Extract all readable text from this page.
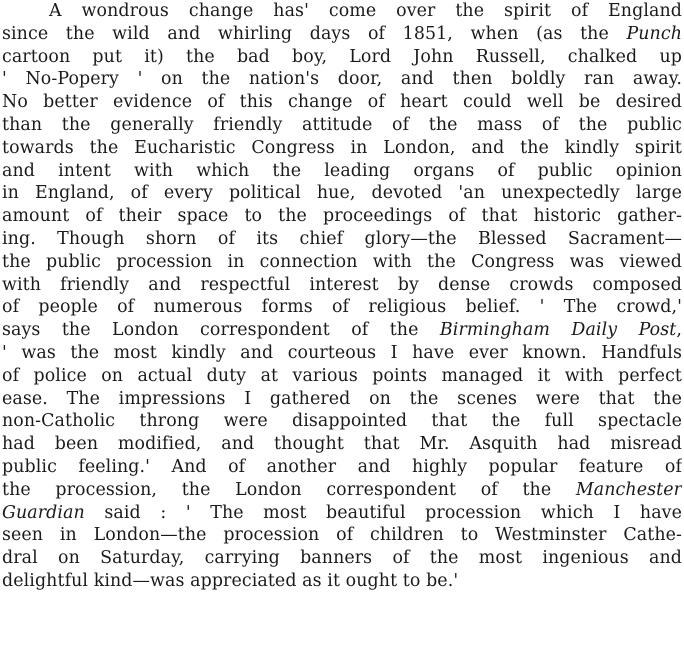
A wondrous change has' come over the spirit of England
since the wild and whirling days of 1851, when (as the Punch
cartoon put it) the bad boy, Lord John Russell, chalked up
' No-Popery ' on the nation's door, and then boldly ran away.
No better evidence of this change of heart could well be desired
than the generally friendly attitude of the mass of the public
towards the Eucharistic Congress in London, and the kindly spirit
and intent with which the leading organs of public opinion
in England, of every political hue, devoted 'an unexpectedly large
amount of their space to the proceedings of that historic gather-
ing. Though shorn of its chief glory—the Blessed Sacrament—
the public procession in connection with the Congress was viewed
with friendly and respectful interest by dense crowds composed
of people of numerous forms of religious belief. ' The crowd,'
says the London correspondent of the Birmingham Daily Post,
' was the most kindly and courteous I have ever known. Handfuls
of police on actual duty at various points managed it with perfect
ease. The impressions I gathered on the scenes were that the
non-Catholic throng were disappointed that the full spectacle
had been modified, and thought that Mr. Asquith had misread
public feeling.' And of another and highly popular feature of
the procession, the London correspondent of the Manchester
Guardian said : ' The most beautiful procession which I have
seen in London—the procession of children to Westminster Cathe-
dral on Saturday, carrying banners of the most ingenious and
delightful kind—was appreciated as it ought to be.'
